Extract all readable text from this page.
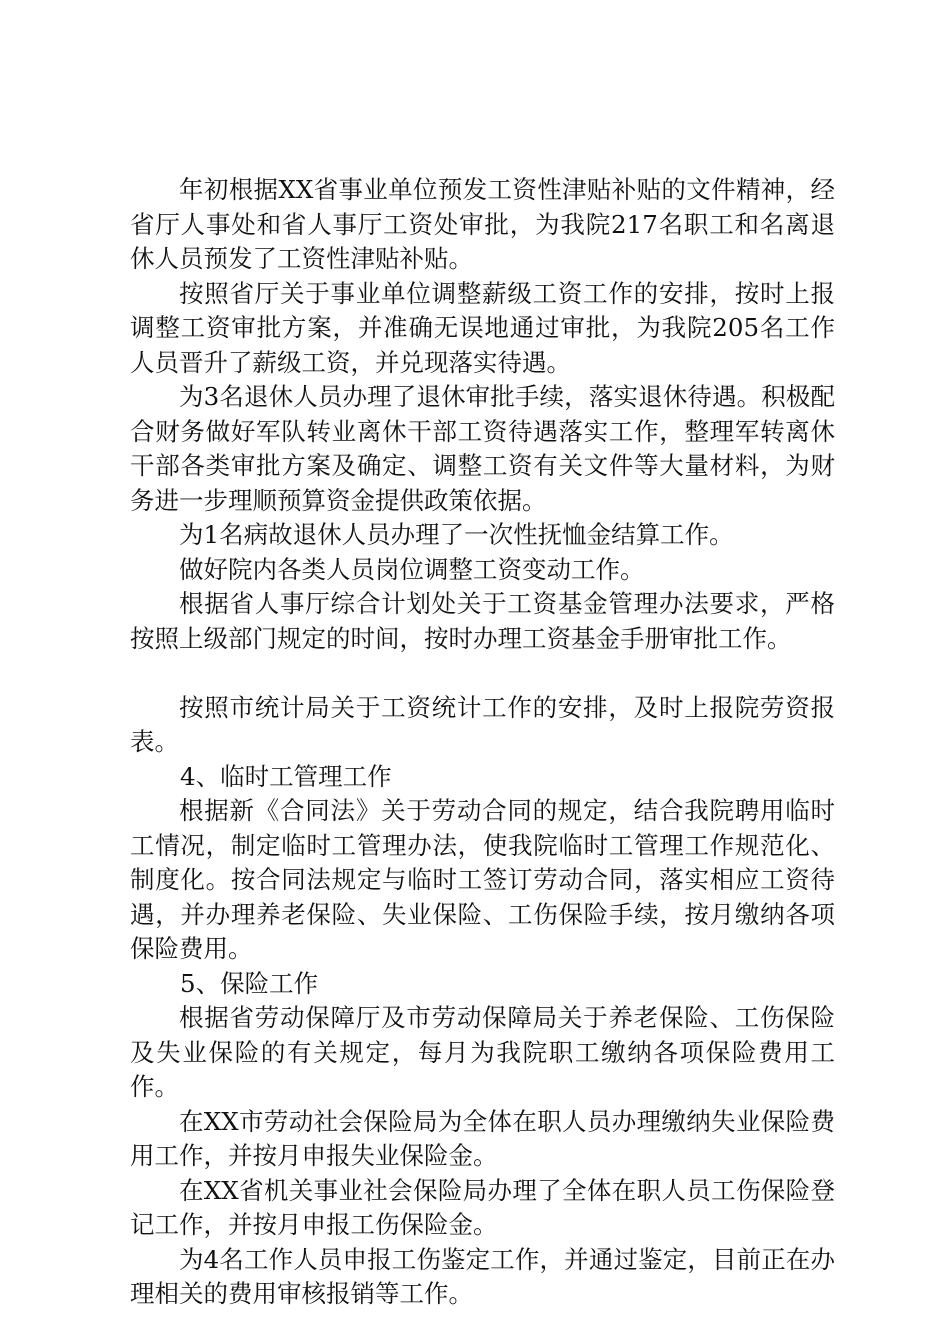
年初根据XX省事业单位预发工资性津贴补贴的文件精神，经省厅人事处和省人事厅工资处审批，为我院217名职工和名离退休人员预发了工资性津贴补贴。

按照省厅关于事业单位调整薪级工资工作的安排，按时上报调整工资审批方案，并准确无误地通过审批，为我院205名工作人员晋升了薪级工资，并兑现落实待遇。

为3名退休人员办理了退休审批手续，落实退休待遇。积极配合财务做好军队转业离休干部工资待遇落实工作，整理军转离休干部各类审批方案及确定、调整工资有关文件等大量材料，为财务进一步理顺预算资金提供政策依据。

为1名病故退休人员办理了一次性抚恤金结算工作。

做好院内各类人员岗位调整工资变动工作。

根据省人事厅综合计划处关于工资基金管理办法要求，严格按照上级部门规定的时间，按时办理工资基金手册审批工作。

按照市统计局关于工资统计工作的安排，及时上报院劳资报表。

4、临时工管理工作

根据新《合同法》关于劳动合同的规定，结合我院聘用临时工情况，制定临时工管理办法，使我院临时工管理工作规范化、制度化。按合同法规定与临时工签订劳动合同，落实相应工资待遇，并办理养老保险、失业保险、工伤保险手续，按月缴纳各项保险费用。

5、保险工作

根据省劳动保障厅及市劳动保障局关于养老保险、工伤保险及失业保险的有关规定，每月为我院职工缴纳各项保险费用工作。

在XX市劳动社会保险局为全体在职人员办理缴纳失业保险费用工作，并按月申报失业保险金。

在XX省机关事业社会保险局办理了全体在职人员工伤保险登记工作，并按月申报工伤保险金。

为4名工作人员申报工伤鉴定工作，并通过鉴定，目前正在办理相关的费用审核报销等工作。
